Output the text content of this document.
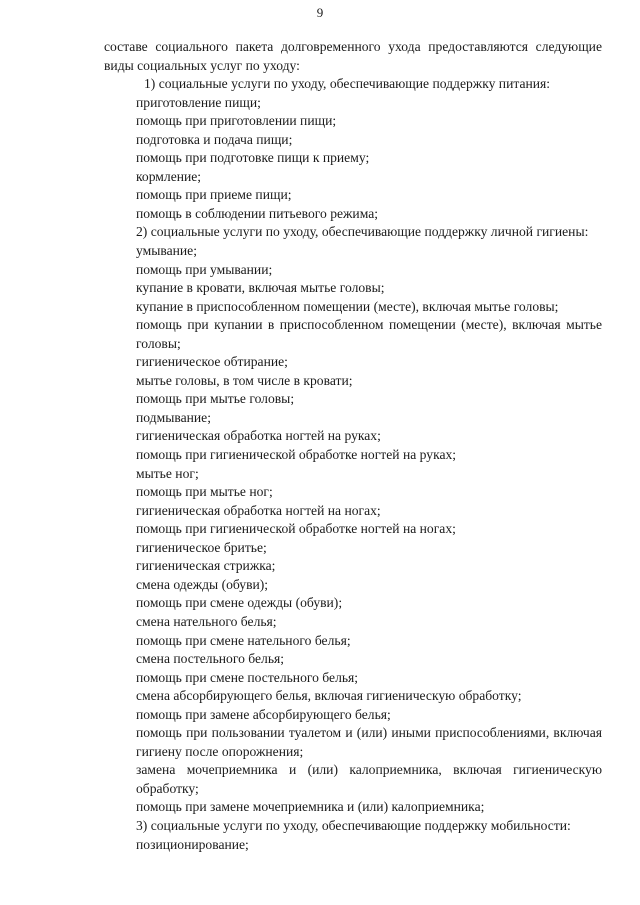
9

составе социального пакета долговременного ухода предоставляются следующие виды социальных услуг по уходу:

1) социальные услуги по уходу, обеспечивающие поддержку питания:
приготовление пищи;
помощь при приготовлении пищи;
подготовка и подача пищи;
помощь при подготовке пищи к приему;
кормление;
помощь при приеме пищи;
помощь в соблюдении питьевого режима;
2) социальные услуги по уходу, обеспечивающие поддержку личной гигиены:
умывание;
помощь при умывании;
купание в кровати, включая мытье головы;
купание в приспособленном помещении (месте), включая мытье головы;
помощь при купании в приспособленном помещении (месте), включая мытье головы;
гигиеническое обтирание;
мытье головы, в том числе в кровати;
помощь при мытье головы;
подмывание;
гигиеническая обработка ногтей на руках;
помощь при гигиенической обработке ногтей на руках;
мытье ног;
помощь при мытье ног;
гигиеническая обработка ногтей на ногах;
помощь при гигиенической обработке ногтей на ногах;
гигиеническое бритье;
гигиеническая стрижка;
смена одежды (обуви);
помощь при смене одежды (обуви);
смена нательного белья;
помощь при смене нательного белья;
смена постельного белья;
помощь при смене постельного белья;
смена абсорбирующего белья, включая гигиеническую обработку;
помощь при замене абсорбирующего белья;
помощь при пользовании туалетом и (или) иными приспособлениями, включая гигиену после опорожнения;
замена мочеприемника и (или) калоприемника, включая гигиеническую обработку;
помощь при замене мочеприемника и (или) калоприемника;
3) социальные услуги по уходу, обеспечивающие поддержку мобильности:
позиционирование;
